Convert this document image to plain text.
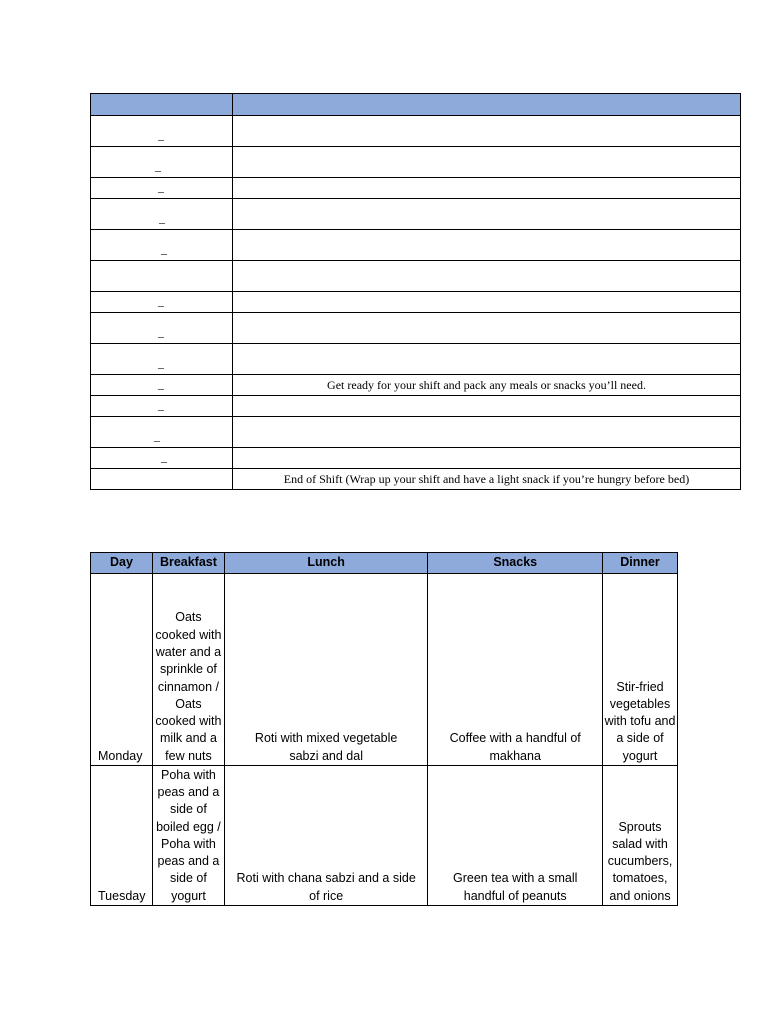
–	

–	

–	

–	

–	

–	

–	

–	

–	Get ready for your shift and pack any meals or snacks you’ll need.

–	

–	

–	

	End of Shift (Wrap up your shift and have a light snack if you’re hungry before bed)
Day	Breakfast	Lunch	Snacks	Dinner
Monday	Oats cooked with water and a sprinkle of cinnamon / Oats cooked with milk and a few nuts	Roti with mixed vegetable sabzi and dal	Coffee with a handful of makhana	Stir-fried vegetables with tofu and a side of yogurt
Tuesday	Poha with peas and a side of boiled egg / Poha with peas and a side of yogurt	Roti with chana sabzi and a side of rice	Green tea with a small handful of peanuts	Sprouts salad with cucumbers, tomatoes, and onions
